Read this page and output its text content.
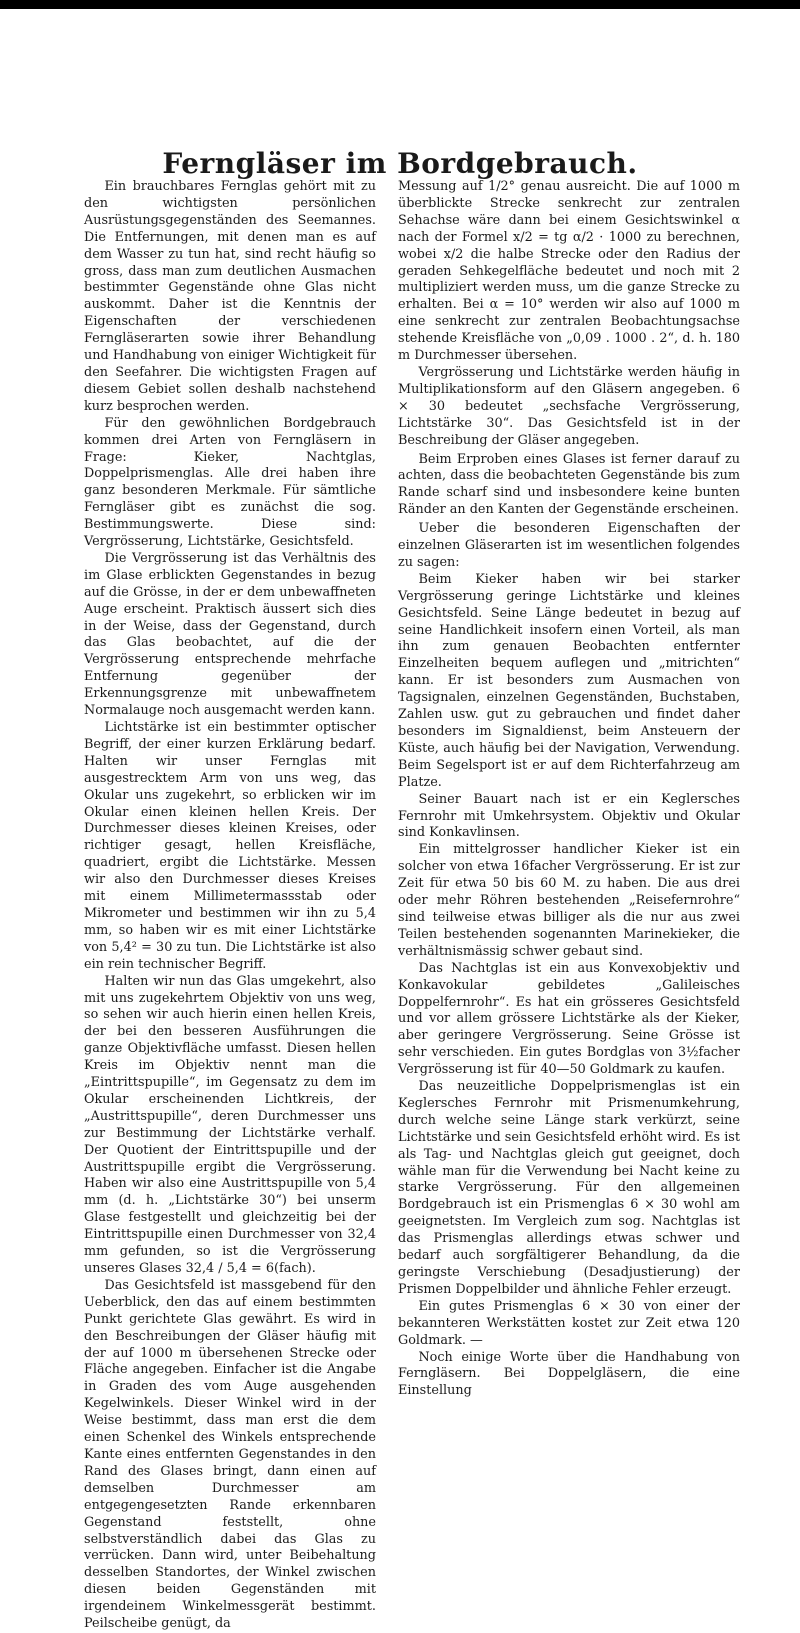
Ferngläser im Bordgebrauch.

Ein brauchbares Fernglas gehört mit zu den wichtigsten persönlichen Ausrüstungsgegenständen des Seemannes. Die Entfernungen, mit denen man es auf dem Wasser zu tun hat, sind recht häufig so gross, dass man zum deutlichen Ausmachen bestimmter Gegenstände ohne Glas nicht auskommt. Daher ist die Kenntnis der Eigenschaften der verschiedenen Ferngläserarten sowie ihrer Behandlung und Handhabung von einiger Wichtigkeit für den Seefahrer. Die wichtigsten Fragen auf diesem Gebiet sollen deshalb nachstehend kurz besprochen werden.

Für den gewöhnlichen Bordgebrauch kommen drei Arten von Ferngläsern in Frage: Kieker, Nachtglas, Doppelprismenglas. Alle drei haben ihre ganz besonderen Merkmale. Für sämtliche Ferngläser gibt es zunächst die sog. Bestimmungswerte. Diese sind: Vergrösserung, Lichtstärke, Gesichtsfeld.

Die Vergrösserung ist das Verhältnis des im Glase erblickten Gegenstandes in bezug auf die Grösse, in der er dem unbewaffneten Auge erscheint. Praktisch äussert sich dies in der Weise, dass der Gegenstand, durch das Glas beobachtet, auf die der Vergrösserung entsprechende mehrfache Entfernung gegenüber der Erkennungsgrenze mit unbewaffnetem Normalauge noch ausgemacht werden kann.

Lichtstärke ist ein bestimmter optischer Begriff, der einer kurzen Erklärung bedarf. Halten wir unser Fernglas mit ausgestrecktem Arm von uns weg, das Okular uns zugekehrt, so erblicken wir im Okular einen kleinen hellen Kreis. Der Durchmesser dieses kleinen Kreises, oder richtiger gesagt, hellen Kreisfläche, quadriert, ergibt die Lichtstärke. Messen wir also den Durchmesser dieses Kreises mit einem Millimetermassstab oder Mikrometer und bestimmen wir ihn zu 5,4 mm, so haben wir es mit einer Lichtstärke von 5,4² = 30 zu tun. Die Lichtstärke ist also ein rein technischer Begriff.

Halten wir nun das Glas umgekehrt, also mit uns zugekehrtem Objektiv von uns weg, so sehen wir auch hierin einen hellen Kreis, der bei den besseren Ausführungen die ganze Objektivfläche umfasst. Diesen hellen Kreis im Objektiv nennt man die „Eintrittspupille“, im Gegensatz zu dem im Okular erscheinenden Lichtkreis, der „Austrittspupille“, deren Durchmesser uns zur Bestimmung der Lichtstärke verhalf. Der Quotient der Eintrittspupille und der Austrittspupille ergibt die Vergrösserung. Haben wir also eine Austrittspupille von 5,4 mm (d. h. „Lichtstärke 30“) bei unserm Glase festgestellt und gleichzeitig bei der Eintrittspupille einen Durchmesser von 32,4 mm gefunden, so ist die Vergrösserung unseres Glases 32,4 / 5,4 = 6(fach).

Das Gesichtsfeld ist massgebend für den Ueberblick, den das auf einem bestimmten Punkt gerichtete Glas gewährt. Es wird in den Beschreibungen der Gläser häufig mit der auf 1000 m übersehenen Strecke oder Fläche angegeben. Einfacher ist die Angabe in Graden des vom Auge ausgehenden Kegelwinkels. Dieser Winkel wird in der Weise bestimmt, dass man erst die dem einen Schenkel des Winkels entsprechende Kante eines entfernten Gegenstandes in den Rand des Glases bringt, dann einen auf demselben Durchmesser am entgegengesetzten Rande erkennbaren Gegenstand feststellt, ohne selbstverständlich dabei das Glas zu verrücken. Dann wird, unter Beibehaltung desselben Standortes, der Winkel zwischen diesen beiden Gegenständen mit irgendeinem Winkelmessgerät bestimmt. Peilscheibe genügt, da

Messung auf 1/2° genau ausreicht. Die auf 1000 m überblickte Strecke senkrecht zur zentralen Sehachse wäre dann bei einem Gesichtswinkel α nach der Formel x/2 = tg α/2 · 1000 zu berechnen, wobei x/2 die halbe Strecke oder den Radius der geraden Sehkegelfläche bedeutet und noch mit 2 multipliziert werden muss, um die ganze Strecke zu erhalten. Bei α = 10° werden wir also auf 1000 m eine senkrecht zur zentralen Beobachtungsachse stehende Kreisfläche von „0,09 . 1000 . 2“, d. h. 180 m Durchmesser übersehen.

Vergrösserung und Lichtstärke werden häufig in Multiplikationsform auf den Gläsern angegeben. 6 × 30 bedeutet „sechsfache Vergrösserung, Lichtstärke 30“. Das Gesichtsfeld ist in der Beschreibung der Gläser angegeben.

Beim Erproben eines Glases ist ferner darauf zu achten, dass die beobachteten Gegenstände bis zum Rande scharf sind und insbesondere keine bunten Ränder an den Kanten der Gegenstände erscheinen.

Ueber die besonderen Eigenschaften der einzelnen Gläserarten ist im wesentlichen folgendes zu sagen:

Beim Kieker haben wir bei starker Vergrösserung geringe Lichtstärke und kleines Gesichtsfeld. Seine Länge bedeutet in bezug auf seine Handlichkeit insofern einen Vorteil, als man ihn zum genauen Beobachten entfernter Einzelheiten bequem auflegen und „mitrichten“ kann. Er ist besonders zum Ausmachen von Tagsignalen, einzelnen Gegenständen, Buchstaben, Zahlen usw. gut zu gebrauchen und findet daher besonders im Signaldienst, beim Ansteuern der Küste, auch häufig bei der Navigation, Verwendung. Beim Segelsport ist er auf dem Richterfahrzeug am Platze.

Seiner Bauart nach ist er ein Keglersches Fernrohr mit Umkehrsystem. Objektiv und Okular sind Konkavlinsen.

Ein mittelgrosser handlicher Kieker ist ein solcher von etwa 16facher Vergrösserung. Er ist zur Zeit für etwa 50 bis 60 M. zu haben. Die aus drei oder mehr Röhren bestehenden „Reisefernrohre“ sind teilweise etwas billiger als die nur aus zwei Teilen bestehenden sogenannten Marinekieker, die verhältnismässig schwer gebaut sind.

Das Nachtglas ist ein aus Konvexobjektiv und Konkavokular gebildetes „Galileisches Doppelfernrohr“. Es hat ein grösseres Gesichtsfeld und vor allem grössere Lichtstärke als der Kieker, aber geringere Vergrösserung. Seine Grösse ist sehr verschieden. Ein gutes Bordglas von 3½facher Vergrösserung ist für 40—50 Goldmark zu kaufen.

Das neuzeitliche Doppelprismenglas ist ein Keglersches Fernrohr mit Prismenumkehrung, durch welche seine Länge stark verkürzt, seine Lichtstärke und sein Gesichtsfeld erhöht wird. Es ist als Tag- und Nachtglas gleich gut geeignet, doch wähle man für die Verwendung bei Nacht keine zu starke Vergrösserung. Für den allgemeinen Bordgebrauch ist ein Prismenglas 6 × 30 wohl am geeignetsten. Im Vergleich zum sog. Nachtglas ist das Prismenglas allerdings etwas schwer und bedarf auch sorgfältigerer Behandlung, da die geringste Verschiebung (Desadjustierung) der Prismen Doppelbilder und ähnliche Fehler erzeugt.

Ein gutes Prismenglas 6 × 30 von einer der bekannteren Werkstätten kostet zur Zeit etwa 120 Goldmark. —

Noch einige Worte über die Handhabung von Ferngläsern. Bei Doppelgläsern, die eine Einstellung
